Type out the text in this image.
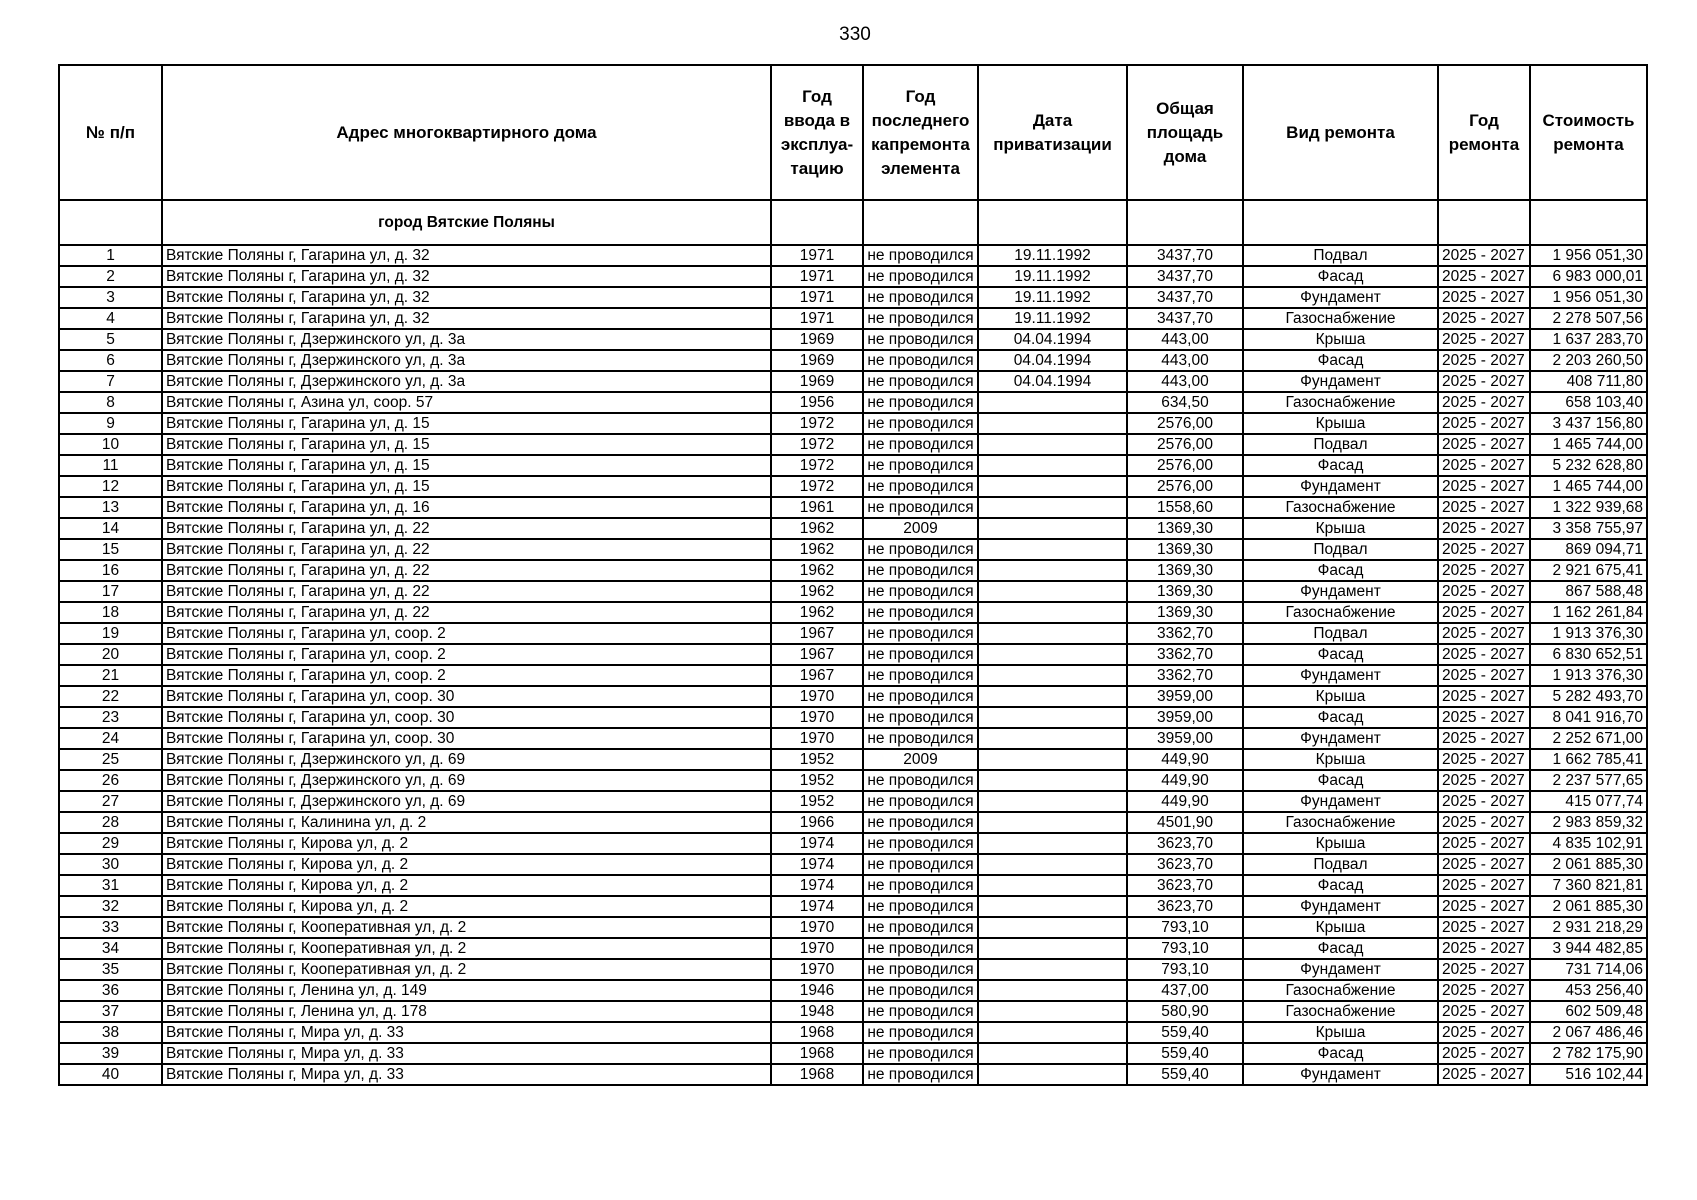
330
№ п/п	Адрес многоквартирного дома	Год ввода в эксплуа-тацию	Год последнего капремонта элемента	Дата приватизации	Общая площадь дома	Вид ремонта	Год ремонта	Стоимость ремонта
	город Вятские Поляны							
1	Вятские Поляны г, Гагарина ул, д. 32	1971	не проводился	19.11.1992	3437,70	Подвал	2025 - 2027	1 956 051,30
2	Вятские Поляны г, Гагарина ул, д. 32	1971	не проводился	19.11.1992	3437,70	Фасад	2025 - 2027	6 983 000,01
3	Вятские Поляны г, Гагарина ул, д. 32	1971	не проводился	19.11.1992	3437,70	Фундамент	2025 - 2027	1 956 051,30
4	Вятские Поляны г, Гагарина ул, д. 32	1971	не проводился	19.11.1992	3437,70	Газоснабжение	2025 - 2027	2 278 507,56
5	Вятские Поляны г, Дзержинского ул, д. 3а	1969	не проводился	04.04.1994	443,00	Крыша	2025 - 2027	1 637 283,70
6	Вятские Поляны г, Дзержинского ул, д. 3а	1969	не проводился	04.04.1994	443,00	Фасад	2025 - 2027	2 203 260,50
7	Вятские Поляны г, Дзержинского ул, д. 3а	1969	не проводился	04.04.1994	443,00	Фундамент	2025 - 2027	408 711,80
8	Вятские Поляны г, Азина ул, соор. 57	1956	не проводился		634,50	Газоснабжение	2025 - 2027	658 103,40
9	Вятские Поляны г, Гагарина ул, д. 15	1972	не проводился		2576,00	Крыша	2025 - 2027	3 437 156,80
10	Вятские Поляны г, Гагарина ул, д. 15	1972	не проводился		2576,00	Подвал	2025 - 2027	1 465 744,00
11	Вятские Поляны г, Гагарина ул, д. 15	1972	не проводился		2576,00	Фасад	2025 - 2027	5 232 628,80
12	Вятские Поляны г, Гагарина ул, д. 15	1972	не проводился		2576,00	Фундамент	2025 - 2027	1 465 744,00
13	Вятские Поляны г, Гагарина ул, д. 16	1961	не проводился		1558,60	Газоснабжение	2025 - 2027	1 322 939,68
14	Вятские Поляны г, Гагарина ул, д. 22	1962	2009		1369,30	Крыша	2025 - 2027	3 358 755,97
15	Вятские Поляны г, Гагарина ул, д. 22	1962	не проводился		1369,30	Подвал	2025 - 2027	869 094,71
16	Вятские Поляны г, Гагарина ул, д. 22	1962	не проводился		1369,30	Фасад	2025 - 2027	2 921 675,41
17	Вятские Поляны г, Гагарина ул, д. 22	1962	не проводился		1369,30	Фундамент	2025 - 2027	867 588,48
18	Вятские Поляны г, Гагарина ул, д. 22	1962	не проводился		1369,30	Газоснабжение	2025 - 2027	1 162 261,84
19	Вятские Поляны г, Гагарина ул, соор. 2	1967	не проводился		3362,70	Подвал	2025 - 2027	1 913 376,30
20	Вятские Поляны г, Гагарина ул, соор. 2	1967	не проводился		3362,70	Фасад	2025 - 2027	6 830 652,51
21	Вятские Поляны г, Гагарина ул, соор. 2	1967	не проводился		3362,70	Фундамент	2025 - 2027	1 913 376,30
22	Вятские Поляны г, Гагарина ул, соор. 30	1970	не проводился		3959,00	Крыша	2025 - 2027	5 282 493,70
23	Вятские Поляны г, Гагарина ул, соор. 30	1970	не проводился		3959,00	Фасад	2025 - 2027	8 041 916,70
24	Вятские Поляны г, Гагарина ул, соор. 30	1970	не проводился		3959,00	Фундамент	2025 - 2027	2 252 671,00
25	Вятские Поляны г, Дзержинского ул, д. 69	1952	2009		449,90	Крыша	2025 - 2027	1 662 785,41
26	Вятские Поляны г, Дзержинского ул, д. 69	1952	не проводился		449,90	Фасад	2025 - 2027	2 237 577,65
27	Вятские Поляны г, Дзержинского ул, д. 69	1952	не проводился		449,90	Фундамент	2025 - 2027	415 077,74
28	Вятские Поляны г, Калинина ул, д. 2	1966	не проводился		4501,90	Газоснабжение	2025 - 2027	2 983 859,32
29	Вятские Поляны г, Кирова ул, д. 2	1974	не проводился		3623,70	Крыша	2025 - 2027	4 835 102,91
30	Вятские Поляны г, Кирова ул, д. 2	1974	не проводился		3623,70	Подвал	2025 - 2027	2 061 885,30
31	Вятские Поляны г, Кирова ул, д. 2	1974	не проводился		3623,70	Фасад	2025 - 2027	7 360 821,81
32	Вятские Поляны г, Кирова ул, д. 2	1974	не проводился		3623,70	Фундамент	2025 - 2027	2 061 885,30
33	Вятские Поляны г, Кооперативная ул, д. 2	1970	не проводился		793,10	Крыша	2025 - 2027	2 931 218,29
34	Вятские Поляны г, Кооперативная ул, д. 2	1970	не проводился		793,10	Фасад	2025 - 2027	3 944 482,85
35	Вятские Поляны г, Кооперативная ул, д. 2	1970	не проводился		793,10	Фундамент	2025 - 2027	731 714,06
36	Вятские Поляны г, Ленина ул, д. 149	1946	не проводился		437,00	Газоснабжение	2025 - 2027	453 256,40
37	Вятские Поляны г, Ленина ул, д. 178	1948	не проводился		580,90	Газоснабжение	2025 - 2027	602 509,48
38	Вятские Поляны г, Мира ул, д. 33	1968	не проводился		559,40	Крыша	2025 - 2027	2 067 486,46
39	Вятские Поляны г, Мира ул, д. 33	1968	не проводился		559,40	Фасад	2025 - 2027	2 782 175,90
40	Вятские Поляны г, Мира ул, д. 33	1968	не проводился		559,40	Фундамент	2025 - 2027	516 102,44
